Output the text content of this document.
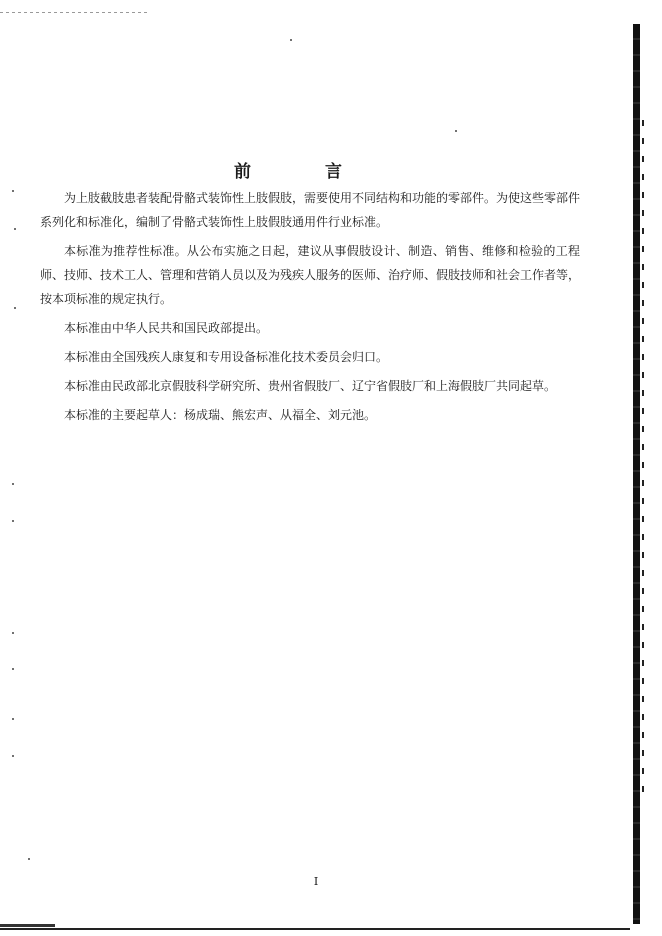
前 言

为上肢截肢患者装配骨骼式装饰性上肢假肢，需要使用不同结构和功能的零部件。为使这些零部件系列化和标准化，编制了骨骼式装饰性上肢假肢通用件行业标准。

本标准为推荐性标准。从公布实施之日起，建议从事假肢设计、制造、销售、维修和检验的工程师、技师、技术工人、管理和营销人员以及为残疾人服务的医师、治疗师、假肢技师和社会工作者等，按本项标准的规定执行。

本标准由中华人民共和国民政部提出。

本标准由全国残疾人康复和专用设备标准化技术委员会归口。

本标准由民政部北京假肢科学研究所、贵州省假肢厂、辽宁省假肢厂和上海假肢厂共同起草。

本标准的主要起草人：杨成瑞、熊宏声、从福全、刘元池。

I
